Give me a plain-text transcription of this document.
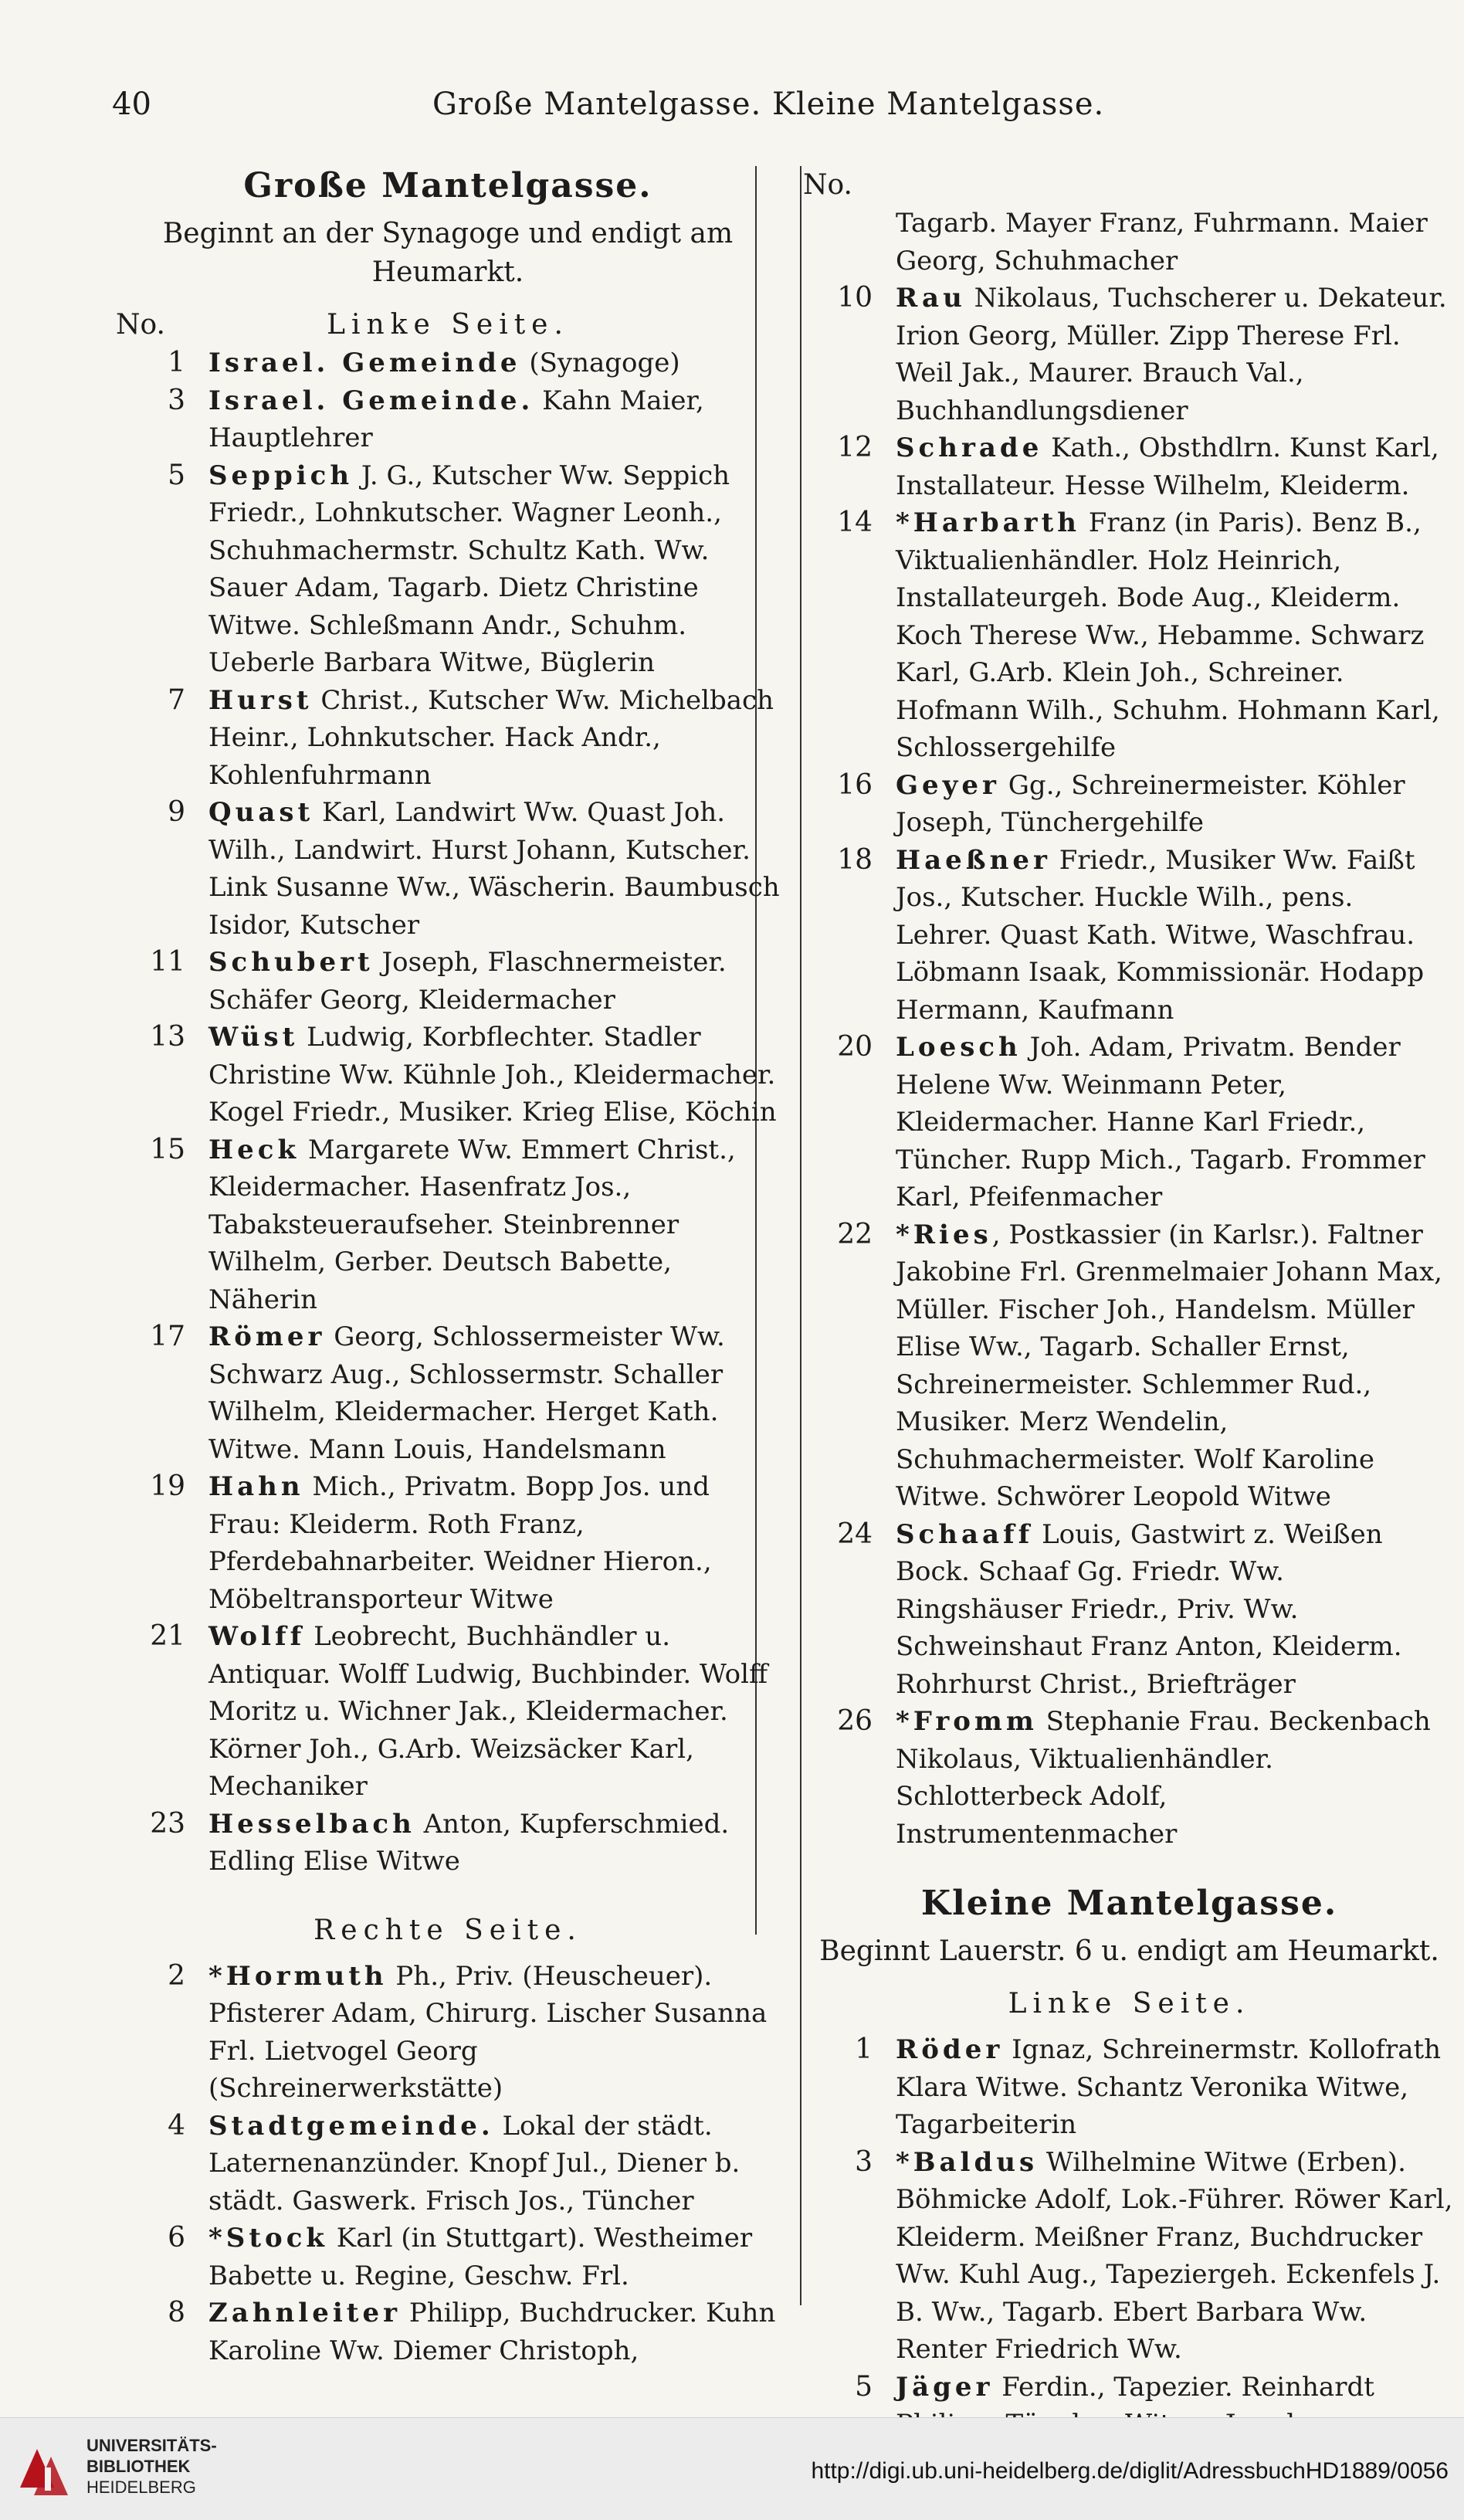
40	Große Mantelgasse. Kleine Mantelgasse.
Große Mantelgasse.
Beginnt an der Synagoge und endigt am Heumarkt.
No.	Linke Seite.

1 Israel. Gemeinde (Synagoge)

3 Israel. Gemeinde. Kahn Maier, Hauptlehrer

5 Seppich J. G., Kutscher Ww. Seppich Friedr., Lohnkutscher. Wagner Leonh., Schuhmachermstr. Schultz Kath. Ww. Sauer Adam, Tagarb. Dietz Christine Witwe. Schleßmann Andr., Schuhm. Ueberle Barbara Witwe, Büglerin

7 Hurst Christ., Kutscher Ww. Michelbach Heinr., Lohnkutscher. Hack Andr., Kohlenfuhrmann

9 Quast Karl, Landwirt Ww. Quast Joh. Wilh., Landwirt. Hurst Johann, Kutscher. Link Susanne Ww., Wäscherin. Baumbusch Isidor, Kutscher

11 Schubert Joseph, Flaschnermeister. Schäfer Georg, Kleidermacher

13 Wüst Ludwig, Korbflechter. Stadler Christine Ww. Kühnle Joh., Kleidermacher. Kogel Friedr., Musiker. Krieg Elise, Köchin

15 Heck Margarete Ww. Emmert Christ., Kleidermacher. Hasenfratz Jos., Tabaksteueraufseher. Steinbrenner Wilhelm, Gerber. Deutsch Babette, Näherin

17 Römer Georg, Schlossermeister Ww. Schwarz Aug., Schlossermstr. Schaller Wilhelm, Kleidermacher. Herget Kath. Witwe. Mann Louis, Handelsmann

19 Hahn Mich., Privatm. Bopp Jos. und Frau: Kleiderm. Roth Franz, Pferdebahnarbeiter. Weidner Hieron., Möbeltransporteur Witwe

21 Wolff Leobrecht, Buchhändler u. Antiquar. Wolff Ludwig, Buchbinder. Wolff Moritz u. Wichner Jak., Kleidermacher. Körner Joh., G.Arb. Weizsäcker Karl, Mechaniker

23 Hesselbach Anton, Kupferschmied. Edling Elise Witwe

Rechte Seite.

2 *Hormuth Ph., Priv. (Heuscheuer). Pfisterer Adam, Chirurg. Lischer Susanna Frl. Lietvogel Georg (Schreinerwerkstätte)

4 Stadtgemeinde. Lokal der städt. Laternenanzünder. Knopf Jul., Diener b. städt. Gaswerk. Frisch Jos., Tüncher

6 *Stock Karl (in Stuttgart). Westheimer Babette u. Regine, Geschw. Frl.

8 Zahnleiter Philipp, Buchdrucker. Kuhn Karoline Ww. Diemer Christoph,

No.

Tagarb. Mayer Franz, Fuhrmann. Maier Georg, Schuhmacher

10 Rau Nikolaus, Tuchscherer u. Dekateur. Irion Georg, Müller. Zipp Therese Frl. Weil Jak., Maurer. Brauch Val., Buchhandlungsdiener

12 Schrade Kath., Obsthdlrn. Kunst Karl, Installateur. Hesse Wilhelm, Kleiderm.

14 *Harbarth Franz (in Paris). Benz B., Viktualienhändler. Holz Heinrich, Installateurgeh. Bode Aug., Kleiderm. Koch Therese Ww., Hebamme. Schwarz Karl, G.Arb. Klein Joh., Schreiner. Hofmann Wilh., Schuhm. Hohmann Karl, Schlossergehilfe

16 Geyer Gg., Schreinermeister. Köhler Joseph, Tünchergehilfe

18 Haeßner Friedr., Musiker Ww. Faißt Jos., Kutscher. Huckle Wilh., pens. Lehrer. Quast Kath. Witwe, Waschfrau. Löbmann Isaak, Kommissionär. Hodapp Hermann, Kaufmann

20 Loesch Joh. Adam, Privatm. Bender Helene Ww. Weinmann Peter, Kleidermacher. Hanne Karl Friedr., Tüncher. Rupp Mich., Tagarb. Frommer Karl, Pfeifenmacher

22 *Ries, Postkassier (in Karlsr.). Faltner Jakobine Frl. Grenmelmaier Johann Max, Müller. Fischer Joh., Handelsm. Müller Elise Ww., Tagarb. Schaller Ernst, Schreinermeister. Schlemmer Rud., Musiker. Merz Wendelin, Schuhmachermeister. Wolf Karoline Witwe. Schwörer Leopold Witwe

24 Schaaff Louis, Gastwirt z. Weißen Bock. Schaaf Gg. Friedr. Ww. Ringshäuser Friedr., Priv. Ww. Schweinshaut Franz Anton, Kleiderm. Rohrhurst Christ., Briefträger

26 *Fromm Stephanie Frau. Beckenbach Nikolaus, Viktualienhändler. Schlotterbeck Adolf, Instrumentenmacher

Kleine Mantelgasse.
Beginnt Lauerstr. 6 u. endigt am Heumarkt.
Linke Seite.

1 Röder Ignaz, Schreinermstr. Kollofrath Klara Witwe. Schantz Veronika Witwe, Tagarbeiterin

3 *Baldus Wilhelmine Witwe (Erben). Böhmicke Adolf, Lok.-Führer. Röwer Karl, Kleiderm. Meißner Franz, Buchdrucker Ww. Kuhl Aug., Tapeziergeh. Eckenfels J. B. Ww., Tagarb. Ebert Barbara Ww. Renter Friedrich Ww.

5 Jäger Ferdin., Tapezier. Reinhardt

UNIVERSITÄTS-
BIBLIOTHEK
HEIDELBERG
http://digi.ub.uni-heidelberg.de/diglit/AdressbuchHD1889/0056
